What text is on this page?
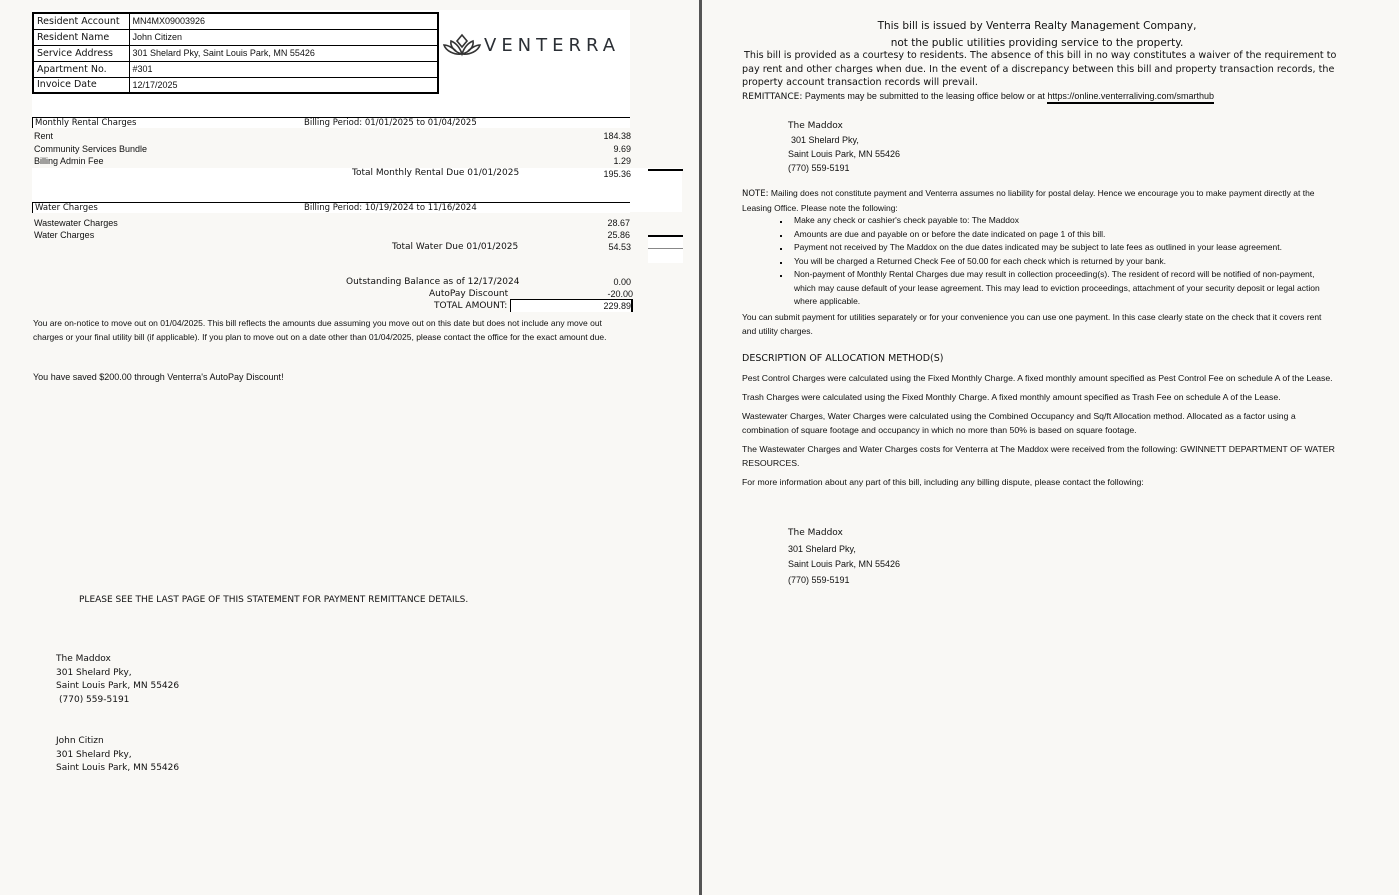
Resident Account	MN4MX09003926
Resident Name	John Citizen
Service Address	301 Shelard Pky, Saint Louis Park, MN 55426
Apartment No.	#301
Invoice Date	12/17/2025
VENTERRA
Monthly Rental Charges	Billing Period: 01/01/2025 to 01/04/2025
Rent	184.38
Community Services Bundle	9.69
Billing Admin Fee	1.29
Total Monthly Rental Due 01/01/2025	195.36
Water Charges	Billing Period: 10/19/2024 to 11/16/2024
Wastewater Charges	28.67
Water Charges	25.86
Total Water Due 01/01/2025	54.53
Outstanding Balance as of 12/17/2024	0.00
AutoPay Discount	-20.00
TOTAL AMOUNT:	229.89
You are on-notice to move out on 01/04/2025. This bill reflects the amounts due assuming you move out on this date but does not include any move out charges or your final utility bill (if applicable). If you plan to move out on a date other than 01/04/2025, please contact the office for the exact amount due.
You have saved $200.00 through Venterra's AutoPay Discount!
PLEASE SEE THE LAST PAGE OF THIS STATEMENT FOR PAYMENT REMITTANCE DETAILS.
The Maddox
301 Shelard Pky,
Saint Louis Park, MN 55426
(770) 559-5191
John Citizn
301 Shelard Pky,
Saint Louis Park, MN 55426
This bill is issued by Venterra Realty Management Company,
not the public utilities providing service to the property.
This bill is provided as a courtesy to residents. The absence of this bill in no way constitutes a waiver of the requirement to pay rent and other charges when due. In the event of a discrepancy between this bill and property transaction records, the property account transaction records will prevail.
REMITTANCE: Payments may be submitted to the leasing office below or at https://online.venterraliving.com/smarthub
The Maddox
301 Shelard Pky,
Saint Louis Park, MN 55426
(770) 559-5191
NOTE: Mailing does not constitute payment and Venterra assumes no liability for postal delay. Hence we encourage you to make payment directly at the Leasing Office. Please note the following:
Make any check or cashier's check payable to: The Maddox
Amounts are due and payable on or before the date indicated on page 1 of this bill.
Payment not received by The Maddox on the due dates indicated may be subject to late fees as outlined in your lease agreement.
You will be charged a Returned Check Fee of 50.00 for each check which is returned by your bank.
Non-payment of Monthly Rental Charges due may result in collection proceeding(s). The resident of record will be notified of non-payment, which may cause default of your lease agreement. This may lead to eviction proceedings, attachment of your security deposit or legal action where applicable.
You can submit payment for utilities separately or for your convenience you can use one payment. In this case clearly state on the check that it covers rent and utility charges.
DESCRIPTION OF ALLOCATION METHOD(S)
Pest Control Charges were calculated using the Fixed Monthly Charge. A fixed monthly amount specified as Pest Control Fee on schedule A of the Lease.
Trash Charges were calculated using the Fixed Monthly Charge. A fixed monthly amount specified as Trash Fee on schedule A of the Lease.
Wastewater Charges, Water Charges were calculated using the Combined Occupancy and Sq/ft Allocation method. Allocated as a factor using a combination of square footage and occupancy in which no more than 50% is based on square footage.
The Wastewater Charges and Water Charges costs for Venterra at The Maddox were received from the following: GWINNETT DEPARTMENT OF WATER RESOURCES.
For more information about any part of this bill, including any billing dispute, please contact the following:
The Maddox
301 Shelard Pky,
Saint Louis Park, MN 55426
(770) 559-5191
